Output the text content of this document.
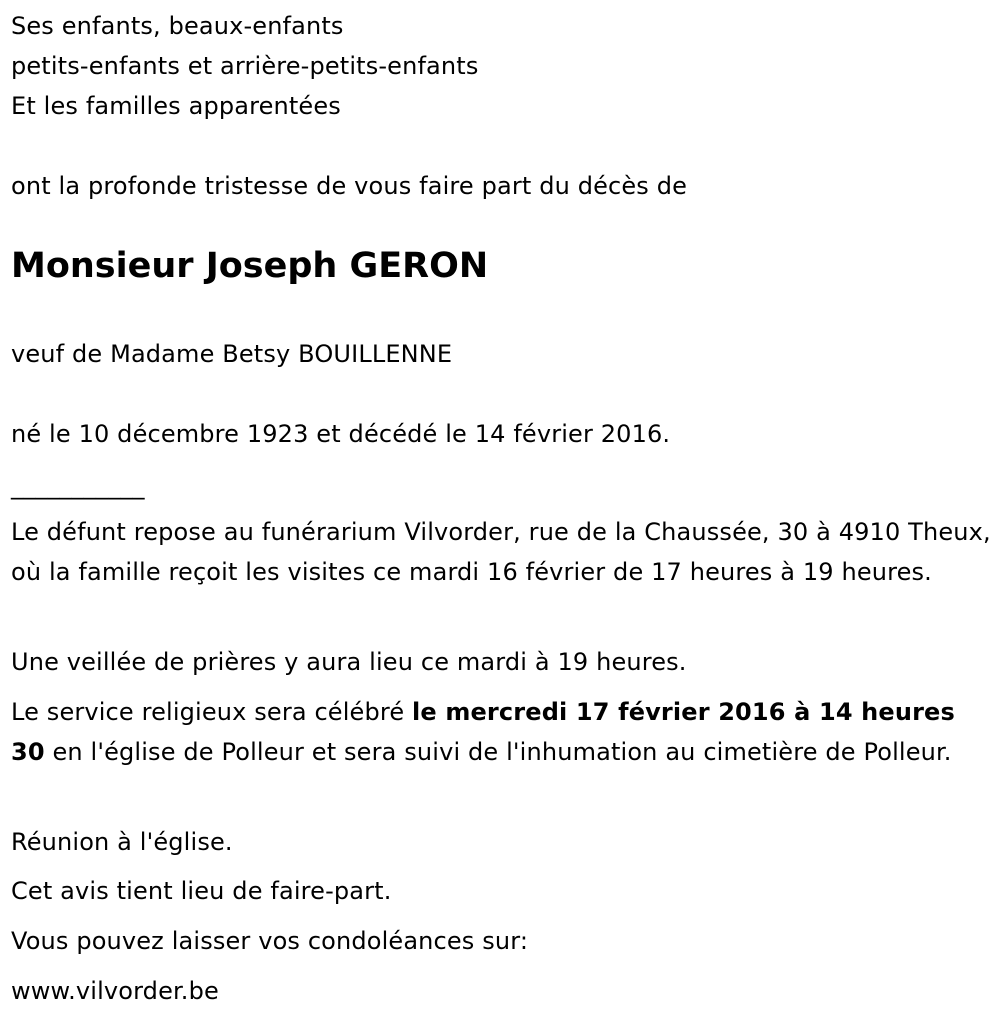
Ses enfants, beaux-enfants
petits-enfants et arrière-petits-enfants
Et les familles apparentées
ont la profonde tristesse de vous faire part du décès de
Monsieur Joseph GERON
veuf de Madame Betsy BOUILLENNE
né le 10 décembre 1923 et décédé le 14 février 2016.
___________
Le défunt repose au funérarium Vilvorder, rue de la Chaussée, 30 à 4910 Theux, où la famille reçoit les visites ce mardi 16 février de 17 heures à 19 heures.
Une veillée de prières y aura lieu ce mardi à 19 heures.
Le service religieux sera célébré le mercredi 17 février 2016 à 14 heures 30 en l'église de Polleur et sera suivi de l'inhumation au cimetière de Polleur.
Réunion à l'église.
Cet avis tient lieu de faire-part.
Vous pouvez laisser vos condoléances sur:
www.vilvorder.be
